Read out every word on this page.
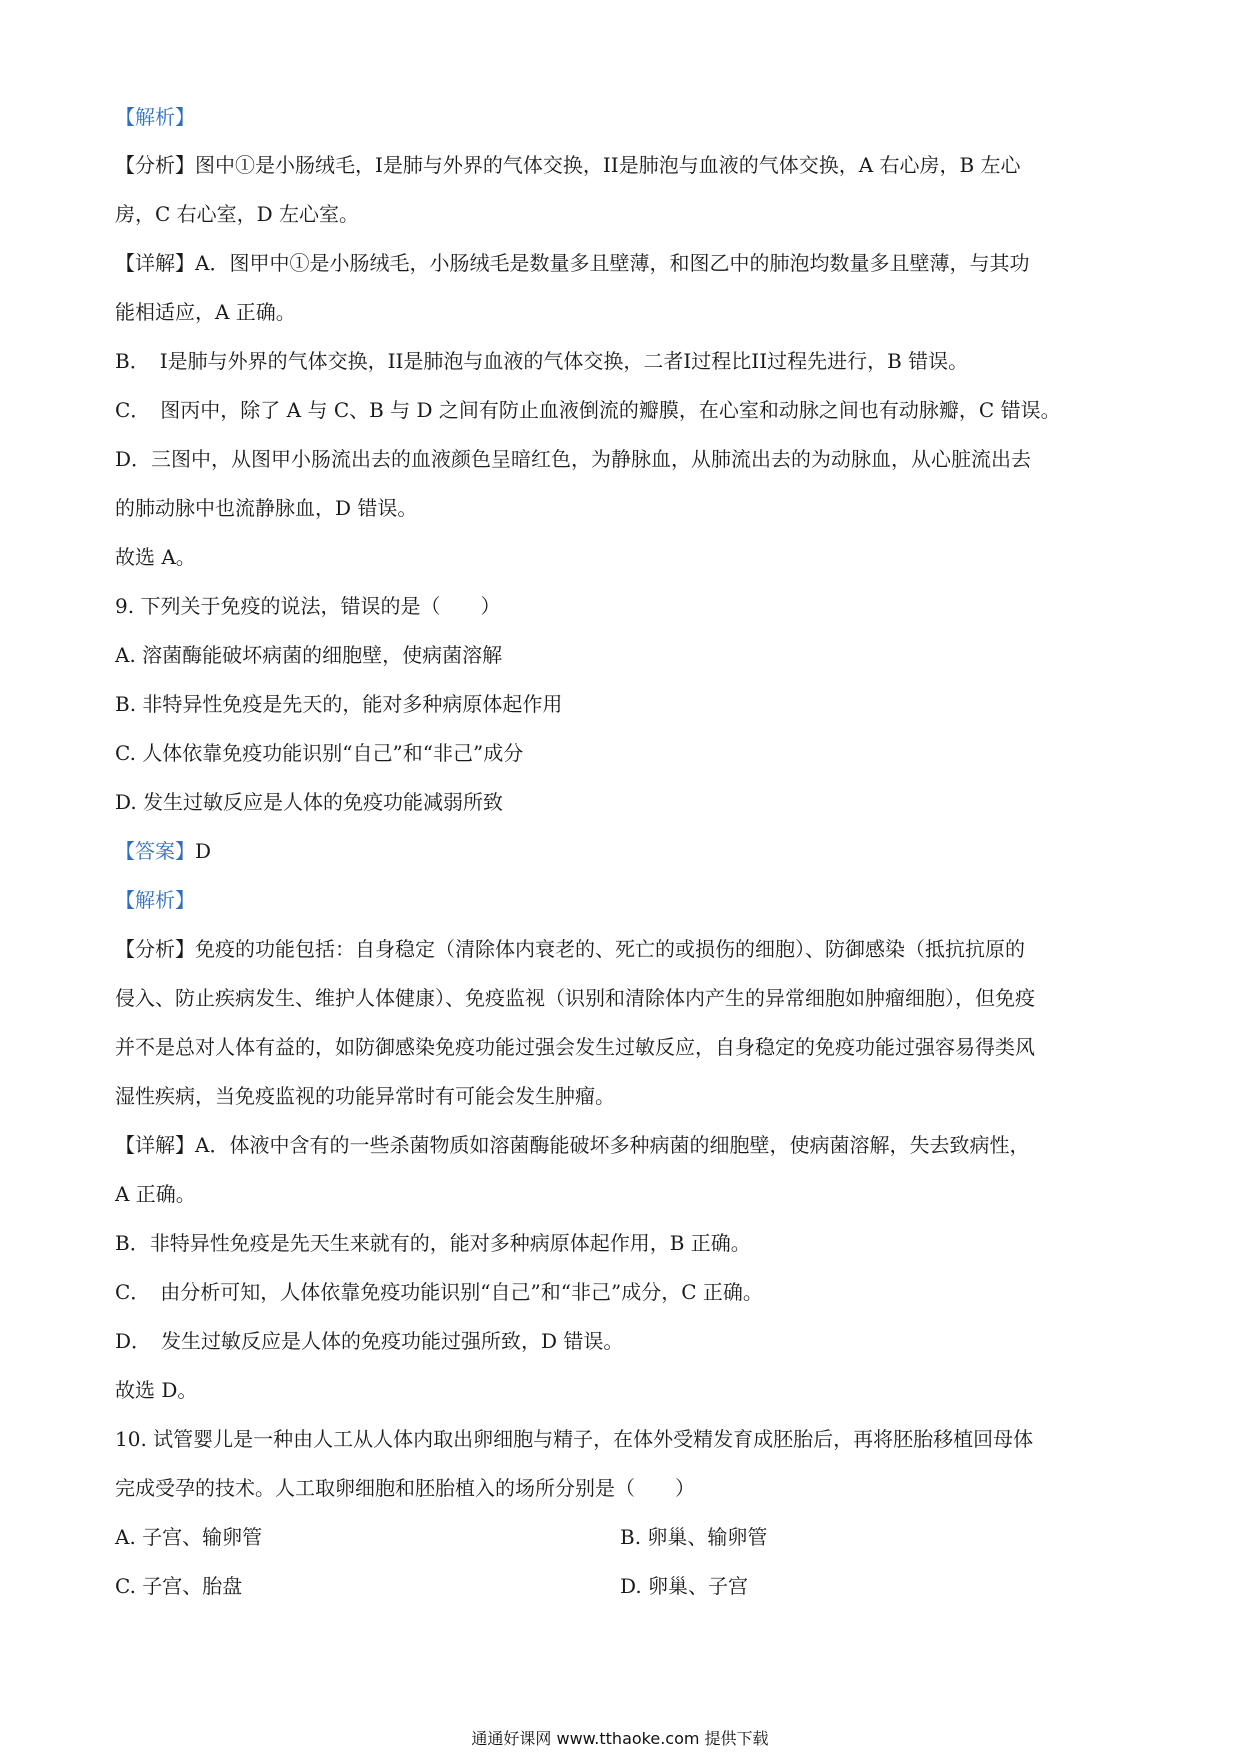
【解析】
【分析】图中①是小肠绒毛，I是肺与外界的气体交换，II是肺泡与血液的气体交换，A 右心房，B 左心
房，C 右心室，D 左心室。
【详解】A．图甲中①是小肠绒毛，小肠绒毛是数量多且壁薄，和图乙中的肺泡均数量多且壁薄，与其功
能相适应，A 正确。
B．　I是肺与外界的气体交换，II是肺泡与血液的气体交换，二者I过程比II过程先进行，B 错误。
C．　图丙中，除了 A 与 C、B 与 D 之间有防止血液倒流的瓣膜，在心室和动脉之间也有动脉瓣，C 错误。
D．三图中，从图甲小肠流出去的血液颜色呈暗红色，为静脉血，从肺流出去的为动脉血，从心脏流出去
的肺动脉中也流静脉血，D 错误。
故选 A。
9. 下列关于免疫的说法，错误的是（　　）
A. 溶菌酶能破坏病菌的细胞壁，使病菌溶解
B. 非特异性免疫是先天的，能对多种病原体起作用
C. 人体依靠免疫功能识别“自己”和“非己”成分
D. 发生过敏反应是人体的免疫功能减弱所致
【答案】D
【解析】
【分析】免疫的功能包括：自身稳定（清除体内衰老的、死亡的或损伤的细胞）、防御感染（抵抗抗原的
侵入、防止疾病发生、维护人体健康）、免疫监视（识别和清除体内产生的异常细胞如肿瘤细胞），但免疫
并不是总对人体有益的，如防御感染免疫功能过强会发生过敏反应，自身稳定的免疫功能过强容易得类风
湿性疾病，当免疫监视的功能异常时有可能会发生肿瘤。
【详解】A．体液中含有的一些杀菌物质如溶菌酶能破坏多种病菌的细胞壁，使病菌溶解，失去致病性，
A 正确。
B．非特异性免疫是先天生来就有的，能对多种病原体起作用，B 正确。
C．　由分析可知，人体依靠免疫功能识别“自己”和“非己”成分，C 正确。
D．　发生过敏反应是人体的免疫功能过强所致，D 错误。
故选 D。
10. 试管婴儿是一种由人工从人体内取出卵细胞与精子，在体外受精发育成胚胎后，再将胚胎移植回母体
完成受孕的技术。人工取卵细胞和胚胎植入的场所分别是（　　）
A. 子宫、输卵管	B. 卵巢、输卵管
C. 子宫、胎盘	D. 卵巢、子宫
通通好课网 www.tthaoke.com 提供下载
